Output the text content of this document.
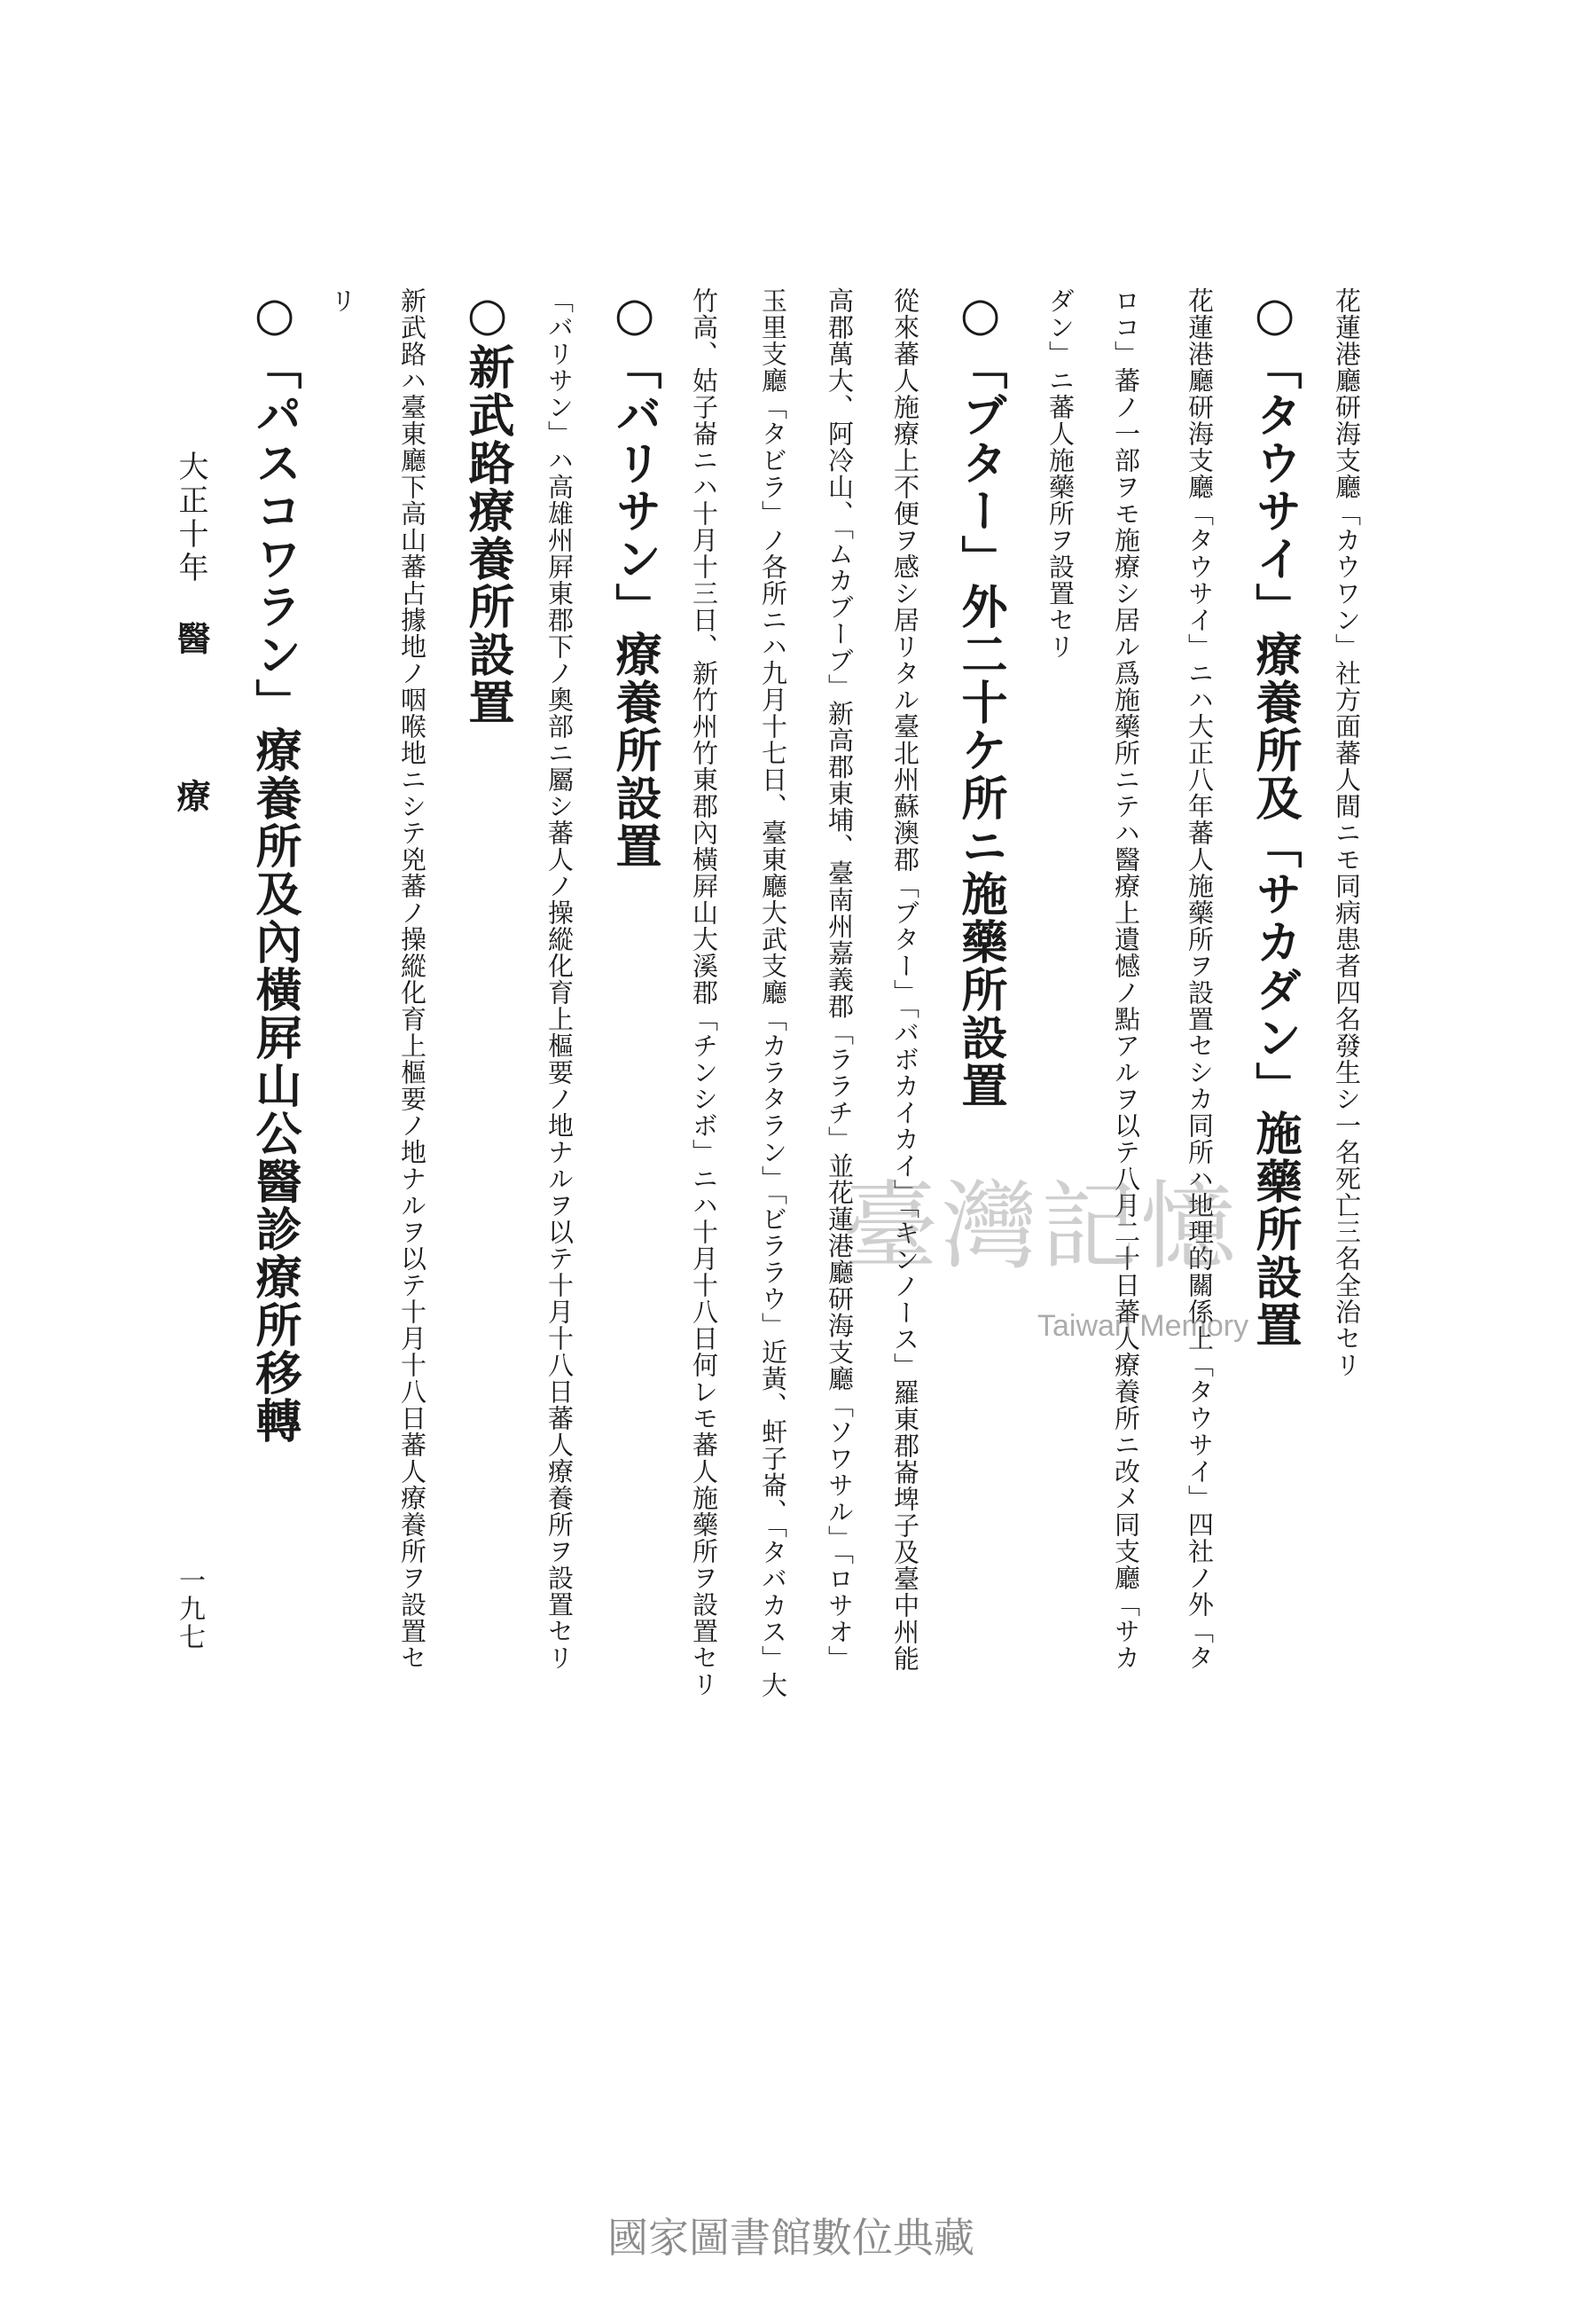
花蓮港廳研海支廳「カウワン」社方面蕃人間ニモ同病患者四名發生シ一名死亡三名全治セリ
○「タウサイ」療養所及「サカダン」施藥所設置
花蓮港廳研海支廳「タウサイ」ニハ大正八年蕃人施藥所ヲ設置セシカ同所ハ地理的關係上「タウサイ」四社ノ外「タ
ロコ」蕃ノ一部ヲモ施療シ居ル爲施藥所ニテハ醫療上遺憾ノ點アルヲ以テ八月二十日蕃人療養所ニ改メ同支廳「サカ
ダン」ニ蕃人施藥所ヲ設置セリ
○「ブター」外二十ケ所ニ施藥所設置
從來蕃人施療上不便ヲ感シ居リタル臺北州蘇澳郡「ブター」「バボカイカイ」「キンノース」羅東郡崙埤子及臺中州能
高郡萬大、阿冷山、「ムカブーブ」新高郡東埔、臺南州嘉義郡「ララチ」並花蓮港廳研海支廳「ソワサル」「ロサオ」
玉里支廳「タビラ」ノ各所ニハ九月十七日、臺東廳大武支廳「カラタラン」「ビララウ」近黃、虷子崙、「タバカス」大
竹高、姑子崙ニハ十月十三日、新竹州竹東郡內橫屛山大溪郡「チンシボ」ニハ十月十八日何レモ蕃人施藥所ヲ設置セリ
○「バリサン」療養所設置
「バリサン」ハ高雄州屛東郡下ノ奧部ニ屬シ蕃人ノ操縱化育上樞要ノ地ナルヲ以テ十月十八日蕃人療養所ヲ設置セリ
○新武路療養所設置
新武路ハ臺東廳下高山蕃占據地ノ咽喉地ニシテ兇蕃ノ操縱化育上樞要ノ地ナルヲ以テ十月十八日蕃人療養所ヲ設置セ
リ
○「パスコワラン」療養所及內橫屛山公醫診療所移轉
大正十年
醫
療
一九七
臺灣記憶
Taiwan Memory
國家圖書館數位典藏
